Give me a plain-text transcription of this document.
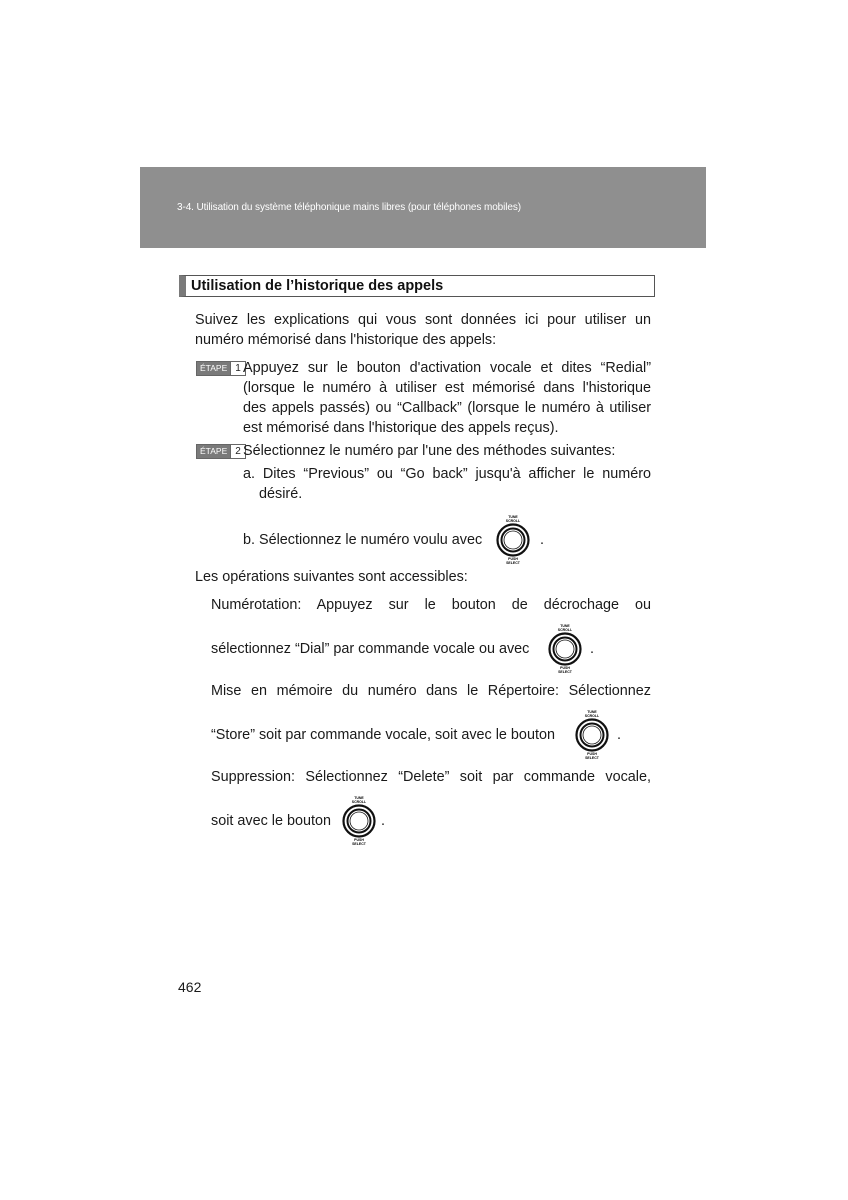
3-4. Utilisation du système téléphonique mains libres (pour téléphones mobiles)
Utilisation de l’historique des appels
Suivez les explications qui vous sont données ici pour utiliser un
numéro mémorisé dans l'historique des appels:
ÉTAPE 1 Appuyez sur le bouton d'activation vocale et dites “Redial”
(lorsque le numéro à utiliser est mémorisé dans l'historique
des appels passés) ou “Callback” (lorsque le numéro à utiliser
est mémorisé dans l'historique des appels reçus).
ÉTAPE 2 Sélectionnez le numéro par l'une des méthodes suivantes:
a. Dites “Previous” ou “Go back” jusqu'à afficher le numéro
désiré.
b. Sélectionnez le numéro voulu avec
TUNE
SCROLL
PUSH
SELECT
.
Les opérations suivantes sont accessibles:
Numérotation: Appuyez sur le bouton de décrochage ou
sélectionnez “Dial” par commande vocale ou avec
TUNE
SCROLL
PUSH
SELECT
.
Mise en mémoire du numéro dans le Répertoire: Sélectionnez
“Store” soit par commande vocale, soit avec le bouton
TUNE
SCROLL
PUSH
SELECT
.
Suppression: Sélectionnez “Delete” soit par commande vocale,
soit avec le bouton
TUNE
SCROLL
PUSH
SELECT
.
462
